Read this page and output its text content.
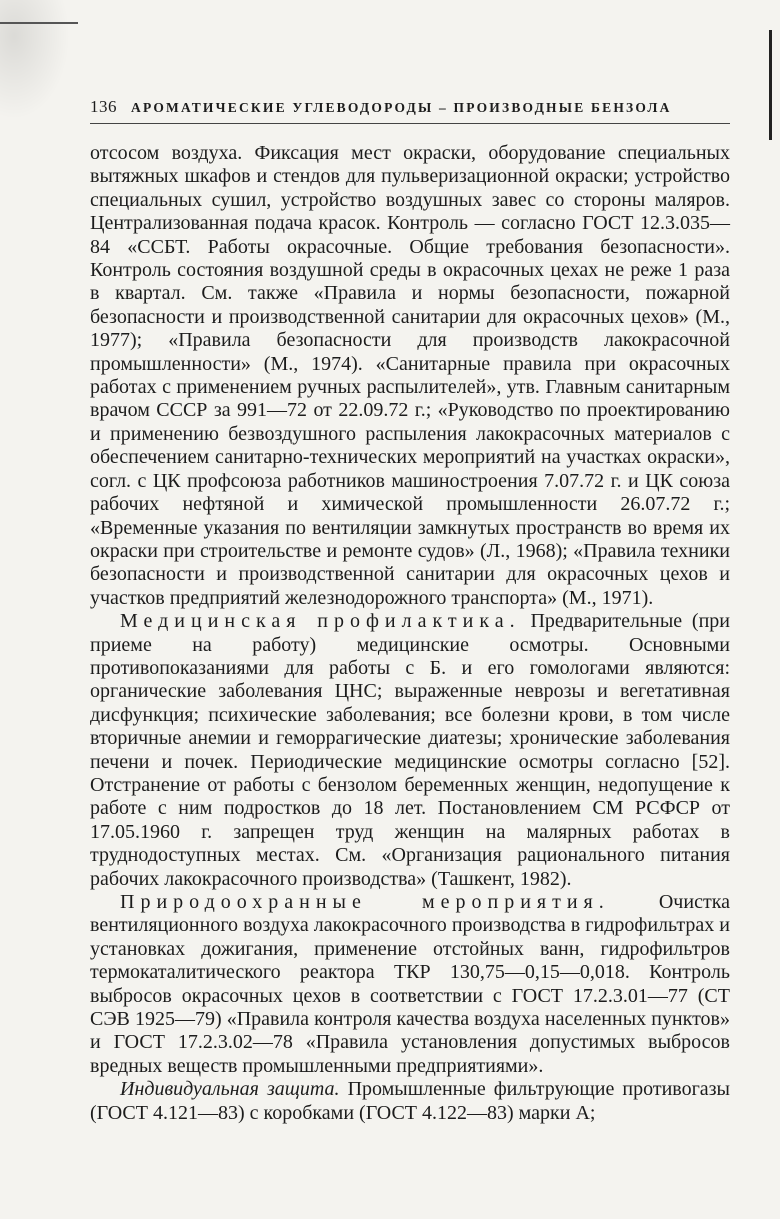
136 АРОМАТИЧЕСКИЕ УГЛЕВОДОРОДЫ – ПРОИЗВОДНЫЕ БЕНЗОЛА

отсосом воздуха. Фиксация мест окраски, оборудование специальных вытяжных шкафов и стендов для пульверизационной окраски; устройство специальных сушил, устройство воздушных завес со стороны маляров. Централизованная подача красок. Контроль — согласно ГОСТ 12.3.035—84 «ССБТ. Работы окрасочные. Общие требования безопасности». Контроль состояния воздушной среды в окрасочных цехах не реже 1 раза в квартал. См. также «Правила и нормы безопасности, пожарной безопасности и производственной санитарии для окрасочных цехов» (М., 1977); «Правила безопасности для производств лакокрасочной промышленности» (М., 1974). «Санитарные правила при окрасочных работах с применением ручных распылителей», утв. Главным санитарным врачом СССР за 991—72 от 22.09.72 г.; «Руководство по проектированию и применению безвоздушного распыления лакокрасочных материалов с обеспечением санитарно-технических мероприятий на участках окраски», согл. с ЦК профсоюза работников машиностроения 7.07.72 г. и ЦК союза рабочих нефтяной и химической промышленности 26.07.72 г.; «Временные указания по вентиляции замкнутых пространств во время их окраски при строительстве и ремонте судов» (Л., 1968); «Правила техники безопасности и производственной санитарии для окрасочных цехов и участков предприятий железнодорожного транспорта» (М., 1971).

Медицинская профилактика. Предварительные (при приеме на работу) медицинские осмотры. Основными противопоказаниями для работы с Б. и его гомологами являются: органические заболевания ЦНС; выраженные неврозы и вегетативная дисфункция; психические заболевания; все болезни крови, в том числе вторичные анемии и геморрагические диатезы; хронические заболевания печени и почек. Периодические медицинские осмотры согласно [52]. Отстранение от работы с бензолом беременных женщин, недопущение к работе с ним подростков до 18 лет. Постановлением СМ РСФСР от 17.05.1960 г. запрещен труд женщин на малярных работах в труднодоступных местах. См. «Организация рационального питания рабочих лакокрасочного производства» (Ташкент, 1982).

Природоохранные мероприятия. Очистка вентиляционного воздуха лакокрасочного производства в гидрофильтрах и установках дожигания, применение отстойных ванн, гидрофильтров термокаталитического реактора ТКР 130,75—0,15—0,018. Контроль выбросов окрасочных цехов в соответствии с ГОСТ 17.2.3.01—77 (СТ СЭВ 1925—79) «Правила контроля качества воздуха населенных пунктов» и ГОСТ 17.2.3.02—78 «Правила установления допустимых выбросов вредных веществ промышленными предприятиями».

Индивидуальная защита. Промышленные фильтрующие противогазы (ГОСТ 4.121—83) с коробками (ГОСТ 4.122—83) марки А;
